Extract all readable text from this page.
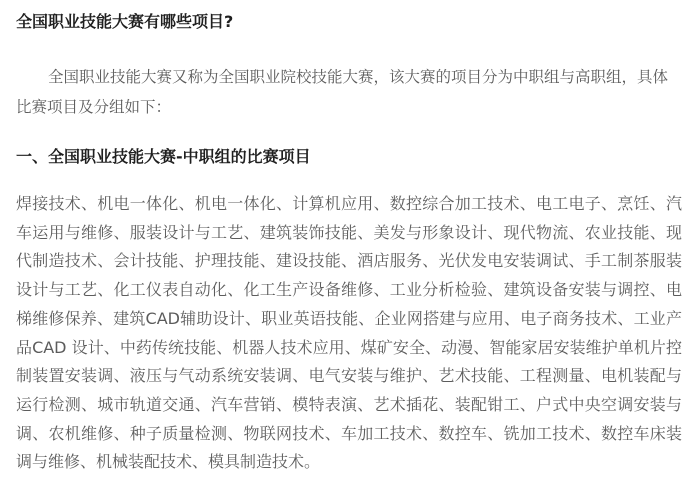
全国职业技能大赛有哪些项目?

全国职业技能大赛又称为全国职业院校技能大赛，该大赛的项目分为中职组与高职组，具体比赛项目及分组如下：

一、全国职业技能大赛-中职组的比赛项目

焊接技术、机电一体化、机电一体化、计算机应用、数控综合加工技术、电工电子、烹饪、汽车运用与维修、服装设计与工艺、建筑装饰技能、美发与形象设计、现代物流、农业技能、现代制造技术、会计技能、护理技能、建设技能、酒店服务、光伏发电安装调试、手工制茶服装设计与工艺、化工仪表自动化、化工生产设备维修、工业分析检验、建筑设备安装与调控、电梯维修保养、建筑CAD辅助设计、职业英语技能、企业网搭建与应用、电子商务技术、工业产品CAD 设计、中药传统技能、机器人技术应用、煤矿安全、动漫、智能家居安装维护单机片控制装置安装调、液压与气动系统安装调、电气安装与维护、艺术技能、工程测量、电机装配与运行检测、城市轨道交通、汽车营销、模特表演、艺术插花、装配钳工、户式中央空调安装与调、农机维修、种子质量检测、物联网技术、车加工技术、数控车、铣加工技术、数控车床装调与维修、机械装配技术、模具制造技术。
